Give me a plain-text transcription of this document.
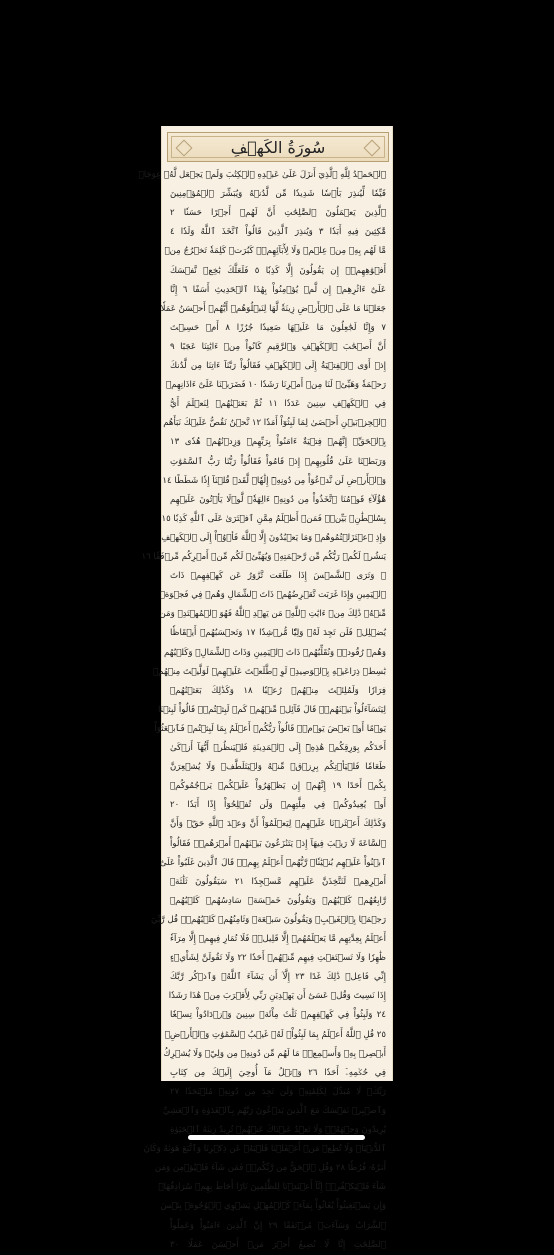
سُورَةُ الكَهۡفِ
ٱلۡحَمۡدُ لِلَّهِ ٱلَّذِيٓ أَنزَلَ عَلَىٰ عَبۡدِهِ ٱلۡكِتَٰبَ وَلَمۡ يَجۡعَل لَّهُۥ عِوَجَاۜ
قَيِّمٗا لِّيُنذِرَ بَأۡسٗا شَدِيدٗا مِّن لَّدُنۡهُ وَيُبَشِّرَ ٱلۡمُؤۡمِنِينَ
ٱلَّذِينَ يَعۡمَلُونَ ٱلصَّٰلِحَٰتِ أَنَّ لَهُمۡ أَجۡرًا حَسَنٗا ٢
مَّٰكِثِينَ فِيهِ أَبَدٗا ٣ وَيُنذِرَ ٱلَّذِينَ قَالُواْ ٱتَّخَذَ ٱللَّهُ وَلَدٗا ٤
مَّا لَهُم بِهِۦ مِنۡ عِلۡمٖ وَلَا لِأٓبَآئِهِمۡۚ كَبُرَتۡ كَلِمَةٗ تَخۡرُجُ مِنۡ
أَفۡوَٰهِهِمۡۚ إِن يَقُولُونَ إِلَّا كَذِبٗا ٥ فَلَعَلَّكَ بَٰخِعٞ نَّفۡسَكَ
عَلَىٰٓ ءَاثَٰرِهِمۡ إِن لَّمۡ يُؤۡمِنُواْ بِهَٰذَا ٱلۡحَدِيثِ أَسَفًا ٦ إِنَّا
جَعَلۡنَا مَا عَلَى ٱلۡأَرۡضِ زِينَةٗ لَّهَا لِنَبۡلُوَهُمۡ أَيُّهُمۡ أَحۡسَنُ عَمَلٗا
٧ وَإِنَّا لَجَٰعِلُونَ مَا عَلَيۡهَا صَعِيدٗا جُرُزًا ٨ أَمۡ حَسِبۡتَ
أَنَّ أَصۡحَٰبَ ٱلۡكَهۡفِ وَٱلرَّقِيمِ كَانُواْ مِنۡ ءَايَٰتِنَا عَجَبًا ٩
إِذۡ أَوَى ٱلۡفِتۡيَةُ إِلَى ٱلۡكَهۡفِ فَقَالُواْ رَبَّنَآ ءَاتِنَا مِن لَّدُنكَ
رَحۡمَةٗ وَهَيِّئۡ لَنَا مِنۡ أَمۡرِنَا رَشَدٗا ١٠ فَضَرَبۡنَا عَلَىٰٓ ءَاذَانِهِمۡ
فِي ٱلۡكَهۡفِ سِنِينَ عَدَدٗا ١١ ثُمَّ بَعَثۡنَٰهُمۡ لِنَعۡلَمَ أَيُّ
ٱلۡحِزۡبَيۡنِ أَحۡصَىٰ لِمَا لَبِثُوٓاْ أَمَدٗا ١٢ نَّحۡنُ نَقُصُّ عَلَيۡكَ نَبَأَهُم
بِٱلۡحَقِّۚ إِنَّهُمۡ فِتۡيَةٌ ءَامَنُواْ بِرَبِّهِمۡ وَزِدۡنَٰهُمۡ هُدٗى ١٣
وَرَبَطۡنَا عَلَىٰ قُلُوبِهِمۡ إِذۡ قَامُواْ فَقَالُواْ رَبُّنَا رَبُّ ٱلسَّمَٰوَٰتِ
وَٱلۡأَرۡضِ لَن نَّدۡعُوَاْ مِن دُونِهِۦٓ إِلَٰهٗاۖ لَّقَدۡ قُلۡنَآ إِذٗا شَطَطًا ١٤
هَٰٓؤُلَآءِ قَوۡمُنَا ٱتَّخَذُواْ مِن دُونِهِۦٓ ءَالِهَةٗۖ لَّوۡلَا يَأۡتُونَ عَلَيۡهِم
بِسُلۡطَٰنِۭ بَيِّنٖۖ فَمَنۡ أَظۡلَمُ مِمَّنِ ٱفۡتَرَىٰ عَلَى ٱللَّهِ كَذِبٗا ١٥
وَإِذِ ٱعۡتَزَلۡتُمُوهُمۡ وَمَا يَعۡبُدُونَ إِلَّا ٱللَّهَ فَأۡوُۥٓاْ إِلَى ٱلۡكَهۡفِ
يَنشُرۡ لَكُمۡ رَبُّكُم مِّن رَّحۡمَتِهِۦ وَيُهَيِّئۡ لَكُم مِّنۡ أَمۡرِكُم مِّرۡفَقٗا ١٦
۞ وَتَرَى ٱلشَّمۡسَ إِذَا طَلَعَت تَّزَٰوَرُ عَن كَهۡفِهِمۡ ذَاتَ
ٱلۡيَمِينِ وَإِذَا غَرَبَت تَّقۡرِضُهُمۡ ذَاتَ ٱلشِّمَالِ وَهُمۡ فِي فَجۡوَةٖ
مِّنۡهُۚ ذَٰلِكَ مِنۡ ءَايَٰتِ ٱللَّهِۗ مَن يَهۡدِ ٱللَّهُ فَهُوَ ٱلۡمُهۡتَدِۖ وَمَن
يُضۡلِلۡ فَلَن تَجِدَ لَهُۥ وَلِيّٗا مُّرۡشِدٗا ١٧ وَتَحۡسَبُهُمۡ أَيۡقَاظٗا
وَهُمۡ رُقُودٞۚ وَنُقَلِّبُهُمۡ ذَاتَ ٱلۡيَمِينِ وَذَاتَ ٱلشِّمَالِۖ وَكَلۡبُهُم
بَٰسِطٞ ذِرَاعَيۡهِ بِٱلۡوَصِيدِۚ لَوِ ٱطَّلَعۡتَ عَلَيۡهِمۡ لَوَلَّيۡتَ مِنۡهُمۡ
فِرَارٗا وَلَمُلِئۡتَ مِنۡهُمۡ رُعۡبٗا ١٨ وَكَذَٰلِكَ بَعَثۡنَٰهُمۡ
لِيَتَسَآءَلُواْ بَيۡنَهُمۡۚ قَالَ قَآئِلٞ مِّنۡهُمۡ كَمۡ لَبِثۡتُمۡۖ قَالُواْ لَبِثۡنَا
يَوۡمًا أَوۡ بَعۡضَ يَوۡمٖۚ قَالُواْ رَبُّكُمۡ أَعۡلَمُ بِمَا لَبِثۡتُمۡ فَٱبۡعَثُوٓاْ
أَحَدَكُم بِوَرِقِكُمۡ هَٰذِهِۦٓ إِلَى ٱلۡمَدِينَةِ فَلۡيَنظُرۡ أَيُّهَآ أَزۡكَىٰ
طَعَامٗا فَلۡيَأۡتِكُم بِرِزۡقٖ مِّنۡهُ وَلۡيَتَلَطَّفۡ وَلَا يُشۡعِرَنَّ
بِكُمۡ أَحَدًا ١٩ إِنَّهُمۡ إِن يَظۡهَرُواْ عَلَيۡكُمۡ يَرۡجُمُوكُمۡ
أَوۡ يُعِيدُوكُمۡ فِي مِلَّتِهِمۡ وَلَن تُفۡلِحُوٓاْ إِذًا أَبَدٗا ٢٠
وَكَذَٰلِكَ أَعۡثَرۡنَا عَلَيۡهِمۡ لِيَعۡلَمُوٓاْ أَنَّ وَعۡدَ ٱللَّهِ حَقّٞ وَأَنَّ
ٱلسَّاعَةَ لَا رَيۡبَ فِيهَآ إِذۡ يَتَنَٰزَعُونَ بَيۡنَهُمۡ أَمۡرَهُمۡۖ فَقَالُواْ
ٱبۡنُواْ عَلَيۡهِم بُنۡيَٰنٗاۖ رَّبُّهُمۡ أَعۡلَمُ بِهِمۡۚ قَالَ ٱلَّذِينَ غَلَبُواْ عَلَىٰٓ
أَمۡرِهِمۡ لَنَتَّخِذَنَّ عَلَيۡهِم مَّسۡجِدٗا ٢١ سَيَقُولُونَ ثَلَٰثَةٞ
رَّابِعُهُمۡ كَلۡبُهُمۡ وَيَقُولُونَ خَمۡسَةٞ سَادِسُهُمۡ كَلۡبُهُمۡ
رَجۡمَۢا بِٱلۡغَيۡبِۖ وَيَقُولُونَ سَبۡعَةٞ وَثَامِنُهُمۡ كَلۡبُهُمۡۚ قُل رَّبِّيٓ
أَعۡلَمُ بِعِدَّتِهِم مَّا يَعۡلَمُهُمۡ إِلَّا قَلِيلٞۗ فَلَا تُمَارِ فِيهِمۡ إِلَّا مِرَآءٗ
ظَٰهِرٗا وَلَا تَسۡتَفۡتِ فِيهِم مِّنۡهُمۡ أَحَدٗا ٢٢ وَلَا تَقُولَنَّ لِشَاْيۡءٍ
إِنِّي فَاعِلٞ ذَٰلِكَ غَدًا ٢٣ إِلَّآ أَن يَشَآءَ ٱللَّهُۚ وَٱذۡكُر رَّبَّكَ
إِذَا نَسِيتَ وَقُلۡ عَسَىٰٓ أَن يَهۡدِيَنِ رَبِّي لِأَقۡرَبَ مِنۡ هَٰذَا رَشَدٗا
٢٤ وَلَبِثُواْ فِي كَهۡفِهِمۡ ثَلَٰثَ مِاْئَةٖ سِنِينَ وَٱزۡدَادُواْ تِسۡعٗا
٢٥ قُلِ ٱللَّهُ أَعۡلَمُ بِمَا لَبِثُواْۖ لَهُۥ غَيۡبُ ٱلسَّمَٰوَٰتِ وَٱلۡأَرۡضِۖ
أَبۡصِرۡ بِهِۦ وَأَسۡمِعۡۚ مَا لَهُم مِّن دُونِهِۦ مِن وَلِيّٖ وَلَا يُشۡرِكُ
فِي حُكۡمِهِۦٓ أَحَدٗا ٢٦ وَٱتۡلُ مَآ أُوحِيَ إِلَيۡكَ مِن كِتَابِ
رَبِّكَۖ لَا مُبَدِّلَ لِكَلِمَٰتِهِۦ وَلَن تَجِدَ مِن دُونِهِۦ مُلۡتَحَدٗا ٢٧
وَٱصۡبِرۡ نَفۡسَكَ مَعَ ٱلَّذِينَ يَدۡعُونَ رَبَّهُم بِٱلۡغَدَوٰةِ وَٱلۡعَشِيِّ
يُرِيدُونَ وَجۡهَهُۥۖ وَلَا تَعۡدُ عَيۡنَاكَ عَنۡهُمۡ تُرِيدُ زِينَةَ ٱلۡحَيَوٰةِ
ٱلدُّنۡيَاۖ وَلَا تُطِعۡ مَنۡ أَغۡفَلۡنَا قَلۡبَهُۥ عَن ذِكۡرِنَا وَٱتَّبَعَ هَوَىٰهُ وَكَانَ
أَمۡرُهُۥ فُرُطٗا ٢٨ وَقُلِ ٱلۡحَقُّ مِن رَّبِّكُمۡۖ فَمَن شَآءَ فَلۡيُؤۡمِن وَمَن
شَآءَ فَلۡيَكۡفُرۡۚ إِنَّآ أَعۡتَدۡنَا لِلظَّٰلِمِينَ نَارًا أَحَاطَ بِهِمۡ سُرَادِقُهَاۚ
وَإِن يَسۡتَغِيثُواْ يُغَاثُواْ بِمَآءٖ كَٱلۡمُهۡلِ يَشۡوِي ٱلۡوُجُوهَۚ بِئۡسَ
ٱلشَّرَابُ وَسَآءَتۡ مُرۡتَفَقًا ٢٩ إِنَّ ٱلَّذِينَ ءَامَنُواْ وَعَمِلُواْ
ٱلصَّٰلِحَٰتِ إِنَّا لَا نُضِيعُ أَجۡرَ مَنۡ أَحۡسَنَ عَمَلًا ٣٠
